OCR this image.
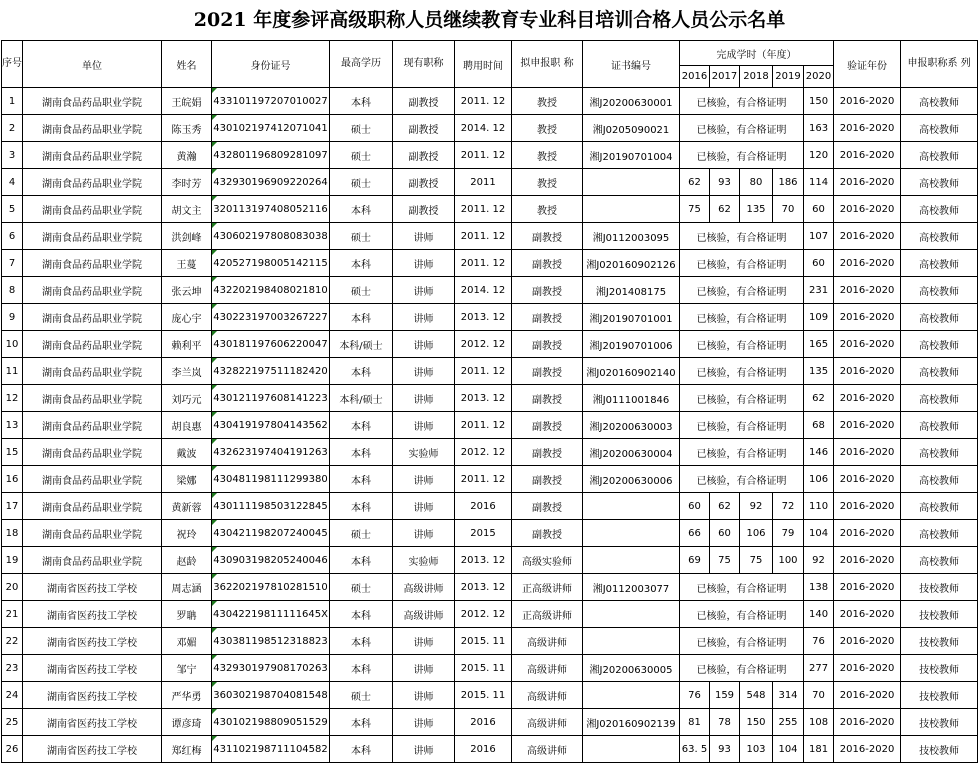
2021 年度参评高级职称人员继续教育专业科目培训合格人员公示名单
序号	单位	姓名	身份证号	最高学历	现有职称	聘用时间	拟申报职 称	证书编号	完成学时（年度）					验证年份	申报职称系 列
									2016	2017	2018	2019	2020		
1	湖南食品药品职业学院	王皖娟	433101197207010027	本科	副教授	2011. 12	教授	湘J20200630001	已核验，有合格证明				150	2016-2020	高校教师
2	湖南食品药品职业学院	陈玉秀	430102197412071041	硕士	副教授	2014. 12	教授	湘J0205090021	已核验，有合格证明				163	2016-2020	高校教师
3	湖南食品药品职业学院	黄瀚	432801196809281097	硕士	副教授	2011. 12	教授	湘J20190701004	已核验，有合格证明				120	2016-2020	高校教师
4	湖南食品药品职业学院	李时芳	432930196909220264	硕士	副教授	2011	教授		62	93	80	186	114	2016-2020	高校教师
5	湖南食品药品职业学院	胡文主	320113197408052116	本科	副教授	2011. 12	教授		75	62	135	70	60	2016-2020	高校教师
6	湖南食品药品职业学院	洪剑峰	430602197808083038	硕士	讲师	2011. 12	副教授	湘J0112003095	已核验，有合格证明				107	2016-2020	高校教师
7	湖南食品药品职业学院	王蔓	420527198005142115	本科	讲师	2011. 12	副教授	湘J020160902126	已核验，有合格证明				60	2016-2020	高校教师
8	湖南食品药品职业学院	张云坤	432202198408021810	硕士	讲师	2014. 12	副教授	湘J201408175	已核验，有合格证明				231	2016-2020	高校教师
9	湖南食品药品职业学院	庞心宇	430223197003267227	本科	讲师	2013. 12	副教授	湘J20190701001	已核验，有合格证明				109	2016-2020	高校教师
10	湖南食品药品职业学院	赖利平	430181197606220047	本科/硕士	讲师	2012. 12	副教授	湘J20190701006	已核验，有合格证明				165	2016-2020	高校教师
11	湖南食品药品职业学院	李兰岚	432822197511182420	本科	讲师	2011. 12	副教授	湘J020160902140	已核验，有合格证明				135	2016-2020	高校教师
12	湖南食品药品职业学院	刘巧元	430121197608141223	本科/硕士	讲师	2013. 12	副教授	湘J0111001846	已核验，有合格证明				62	2016-2020	高校教师
13	湖南食品药品职业学院	胡良惠	430419197804143562	本科	讲师	2011. 12	副教授	湘J20200630003	已核验，有合格证明				68	2016-2020	高校教师
15	湖南食品药品职业学院	戴波	432623197404191263	本科	实验师	2012. 12	副教授	湘J20200630004	已核验，有合格证明				146	2016-2020	高校教师
16	湖南食品药品职业学院	梁娜	430481198111299380	本科	讲师	2011. 12	副教授	湘J20200630006	已核验，有合格证明				106	2016-2020	高校教师
17	湖南食品药品职业学院	黄新蓉	430111198503122845	本科	讲师	2016	副教授		60	62	92	72	110	2016-2020	高校教师
18	湖南食品药品职业学院	祝玲	430421198207240045	硕士	讲师	2015	副教授		66	60	106	79	104	2016-2020	高校教师
19	湖南食品药品职业学院	赵龄	430903198205240046	本科	实验师	2013. 12	高级实验师		69	75	75	100	92	2016-2020	高校教师
20	湖南省医药技工学校	周志涵	362202197810281510	硕士	高级讲师	2013. 12	正高级讲师	湘J0112003077	已核验，有合格证明				138	2016-2020	技校教师
21	湖南省医药技工学校	罗聃	43042219811111645X	本科	高级讲师	2012. 12	正高级讲师		已核验，有合格证明				140	2016-2020	技校教师
22	湖南省医药技工学校	邓媚	430381198512318823	本科	讲师	2015. 11	高级讲师		已核验，有合格证明				76	2016-2020	技校教师
23	湖南省医药技工学校	邹宁	432930197908170263	本科	讲师	2015. 11	高级讲师	湘J20200630005	已核验，有合格证明				277	2016-2020	技校教师
24	湖南省医药技工学校	严华勇	360302198704081548	硕士	讲师	2015. 11	高级讲师		76	159	548	314	70	2016-2020	技校教师
25	湖南省医药技工学校	谭彦琦	430102198809051529	本科	讲师	2016	高级讲师	湘J020160902139	81	78	150	255	108	2016-2020	技校教师
26	湖南省医药技工学校	郑红梅	431102198711104582	本科	讲师	2016	高级讲师		63. 5	93	103	104	181	2016-2020	技校教师
